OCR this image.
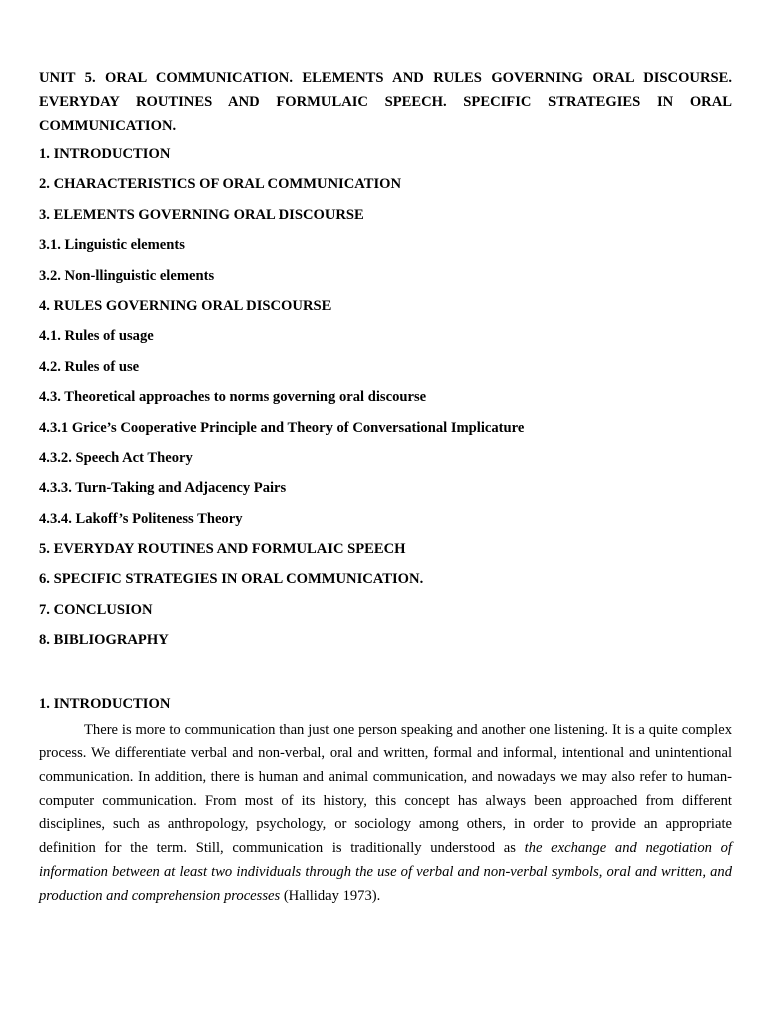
UNIT 5. ORAL COMMUNICATION. ELEMENTS AND RULES GOVERNING ORAL DISCOURSE. EVERYDAY ROUTINES AND FORMULAIC SPEECH. SPECIFIC STRATEGIES IN ORAL COMMUNICATION.

1. INTRODUCTION
2. CHARACTERISTICS OF ORAL COMMUNICATION
3. ELEMENTS GOVERNING ORAL DISCOURSE
3.1. Linguistic elements
3.2. Non-llinguistic elements
4. RULES GOVERNING ORAL DISCOURSE
4.1. Rules of usage
4.2. Rules of use
4.3. Theoretical approaches to norms governing oral discourse
4.3.1 Grice’s Cooperative Principle and Theory of Conversational Implicature
4.3.2. Speech Act Theory
4.3.3. Turn-Taking and Adjacency Pairs
4.3.4. Lakoff’s Politeness Theory
5. EVERYDAY ROUTINES AND FORMULAIC SPEECH
6. SPECIFIC STRATEGIES IN ORAL COMMUNICATION.
7. CONCLUSION
8. BIBLIOGRAPHY
1. INTRODUCTION

There is more to communication than just one person speaking and another one listening. It is a quite complex process. We differentiate verbal and non-verbal, oral and written, formal and informal, intentional and unintentional communication. In addition, there is human and animal communication, and nowadays we may also refer to human-computer communication. From most of its history, this concept has always been approached from different disciplines, such as anthropology, psychology, or sociology among others, in order to provide an appropriate definition for the term. Still, communication is traditionally understood as the exchange and negotiation of information between at least two individuals through the use of verbal and non-verbal symbols, oral and written, and production and comprehension processes (Halliday 1973).
